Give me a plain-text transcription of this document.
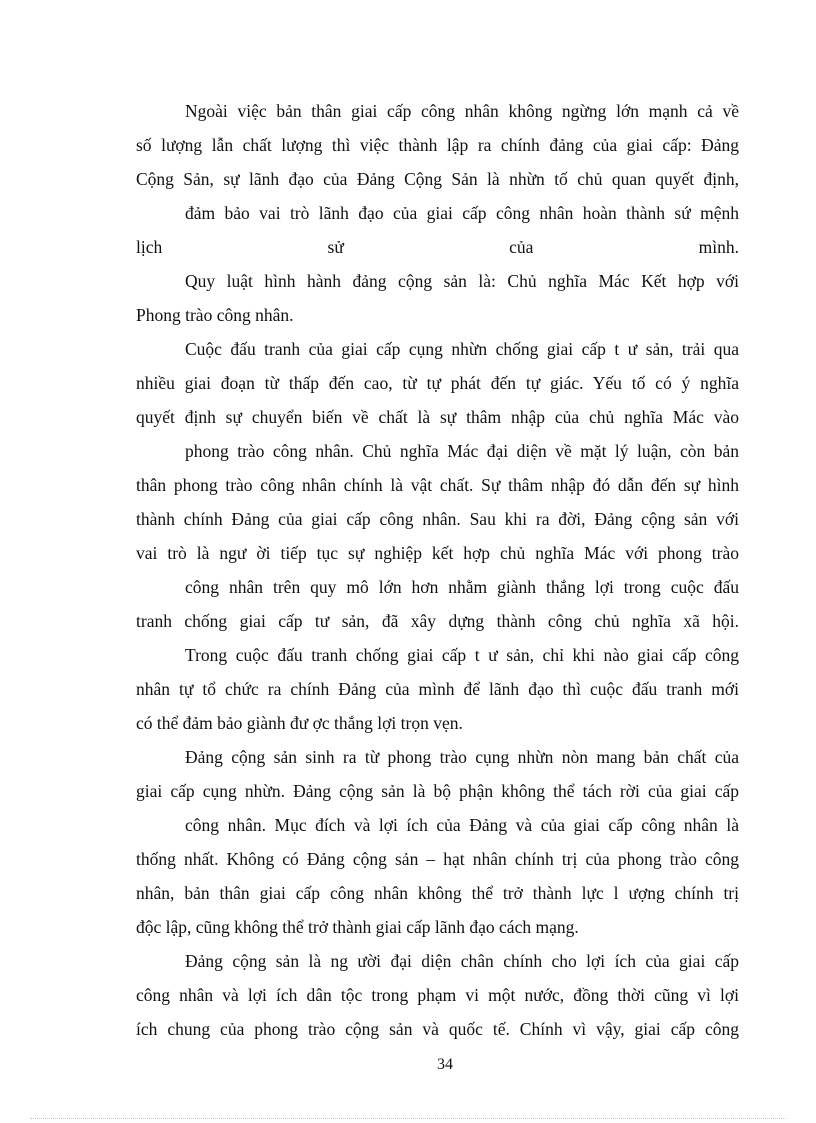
Ngoài việc bản thân giai cấp công nhân không ngừng lớn mạnh cả về
số lượng lẫn chất lượng thì việc thành lập ra chính đảng của giai cấp: Đảng
Cộng Sản, sự lãnh đạo của Đảng Cộng Sản là nhừn tố chủ quan quyết định,
đảm bảo vai trò lãnh đạo của giai cấp công nhân hoàn thành sứ mệnh
lịch sử của mình.
Quy luật hình hành đảng cộng sản là: Chủ nghĩa Mác Kết hợp với
Phong trào công nhân.
Cuộc đấu tranh của giai cấp cụng nhừn chống giai cấp t ư sản, trải qua
nhiều giai đoạn từ thấp đến cao, từ tự phát đến tự giác. Yếu tố có ý nghĩa
quyết định sự chuyển biến về chất là sự thâm nhập của chủ nghĩa Mác vào
phong trào công nhân. Chủ nghĩa Mác đại diện về mặt lý luận, còn bản
thân phong trào công nhân chính là vật chất. Sự thâm nhập đó dẫn đến sự hình
thành chính Đảng của giai cấp công nhân. Sau khi ra đời, Đảng cộng sản với
vai trò là ngư ời tiếp tục sự nghiệp kết hợp chủ nghĩa Mác với phong trào
công nhân trên quy mô lớn hơn nhằm giành thắng lợi trong cuộc đấu
tranh chống giai cấp tư sản, đã xây dựng thành công chủ nghĩa xã hội.
Trong cuộc đấu tranh chống giai cấp t ư sản, chỉ khi nào giai cấp công
nhân tự tổ chức ra chính Đảng của mình để lãnh đạo thì cuộc đấu tranh mới
có thể đảm bảo giành đư ợc thắng lợi trọn vẹn.
Đảng cộng sản sinh ra từ phong trào cụng nhừn nòn mang bản chất của
giai cấp cụng nhừn. Đảng cộng sản là bộ phận không thể tách rời của giai cấp
công nhân. Mục đích và lợi ích của Đảng và của giai cấp công nhân là
thống nhất. Không có Đảng cộng sản – hạt nhân chính trị của phong trào công
nhân, bản thân giai cấp công nhân không thể trở thành lực l ượng chính trị
độc lập, cũng không thể trở thành giai cấp lãnh đạo cách mạng.
Đảng cộng sản là ng ười đại diện chân chính cho lợi ích của giai cấp
công nhân và lợi ích dân tộc trong phạm vi một nước, đồng thời cũng vì lợi
ích chung của phong trào cộng sản và quốc tế. Chính vì vậy, giai cấp công
34
